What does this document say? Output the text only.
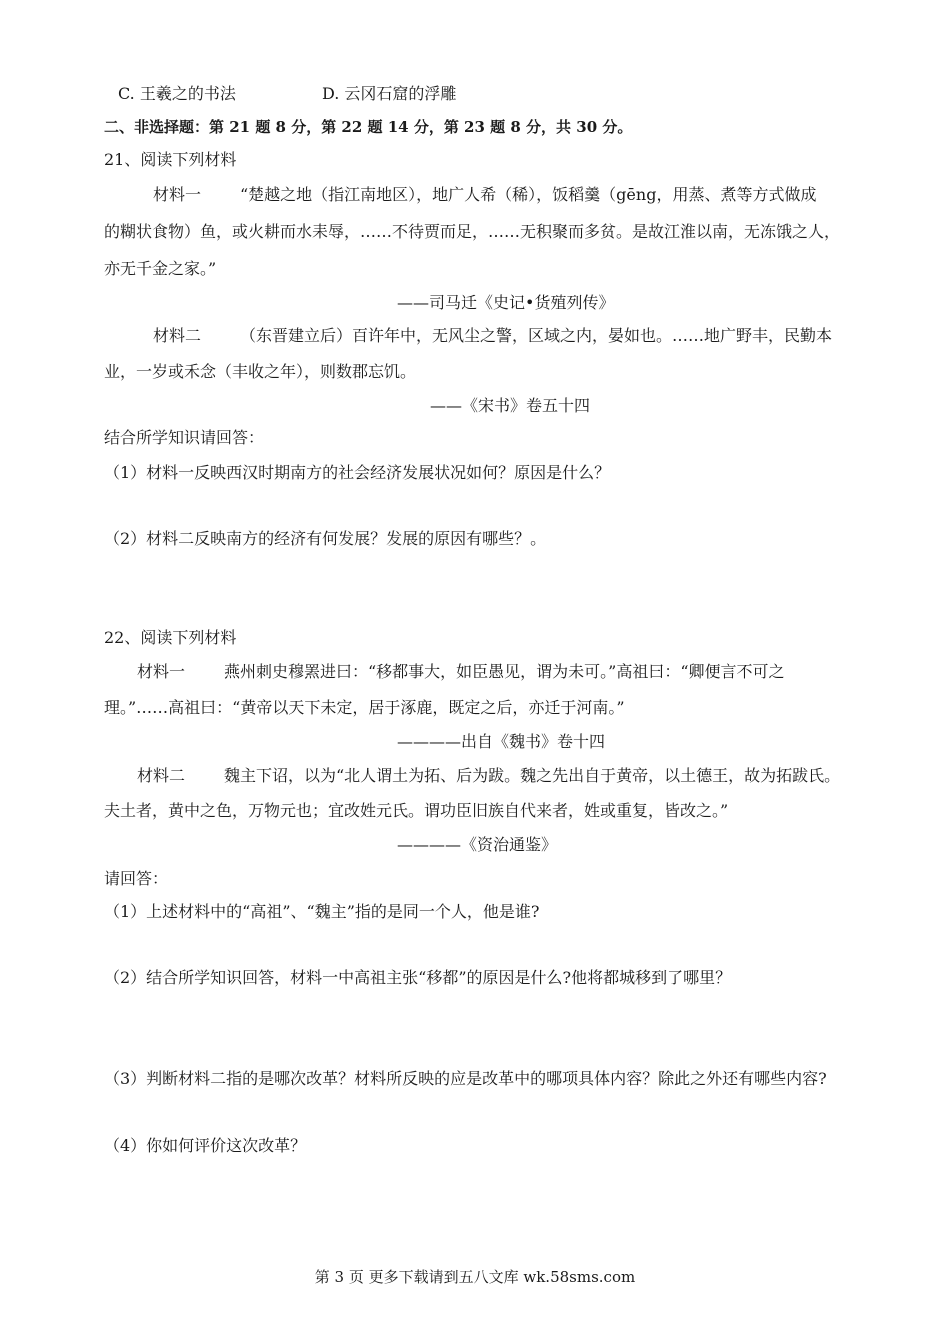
C. 王羲之的书法	D. 云冈石窟的浮雕
二、非选择题：第 21 题 8 分，第 22 题 14 分，第 23 题 8 分，共 30 分。
21、阅读下列材料
材料一 “楚越之地（指江南地区），地广人希（稀），饭稻羹（gēng，用蒸、煮等方式做成
的糊状食物）鱼，或火耕而水耒辱，……不待贾而足，……无积聚而多贫。是故江淮以南，无冻饿之人，
亦无千金之家。”
——司马迁《史记•货殖列传》
材料二 （东晋建立后）百许年中，无风尘之警，区域之内，晏如也。……地广野丰，民勤本
业，一岁或禾念（丰收之年），则数郡忘饥。
——《宋书》卷五十四
结合所学知识请回答：
（1）材料一反映西汉时期南方的社会经济发展状况如何？原因是什么？
（2）材料二反映南方的经济有何发展？发展的原因有哪些？。
22、阅读下列材料
材料一 燕州刺史穆罴进曰：“移都事大，如臣愚见，谓为未可。”高祖曰：“卿便言不可之
理。”……高祖曰：“黄帝以天下未定，居于涿鹿，既定之后，亦迁于河南。”
————出自《魏书》卷十四
材料二 魏主下诏，以为“北人谓土为拓、后为跋。魏之先出自于黄帝，以土德王，故为拓跋氏。
夫土者，黄中之色，万物元也；宜改姓元氏。谓功臣旧族自代来者，姓或重复，皆改之。”
————《资治通鉴》
请回答：
（1）上述材料中的“高祖”、“魏主”指的是同一个人，他是谁?
（2）结合所学知识回答，材料一中高祖主张“移都”的原因是什么?他将都城移到了哪里？
（3）判断材料二指的是哪次改革？材料所反映的应是改革中的哪项具体内容？除此之外还有哪些内容?
（4）你如何评价这次改革？
第 3 页 更多下载请到五八文库 wk.58sms.com
